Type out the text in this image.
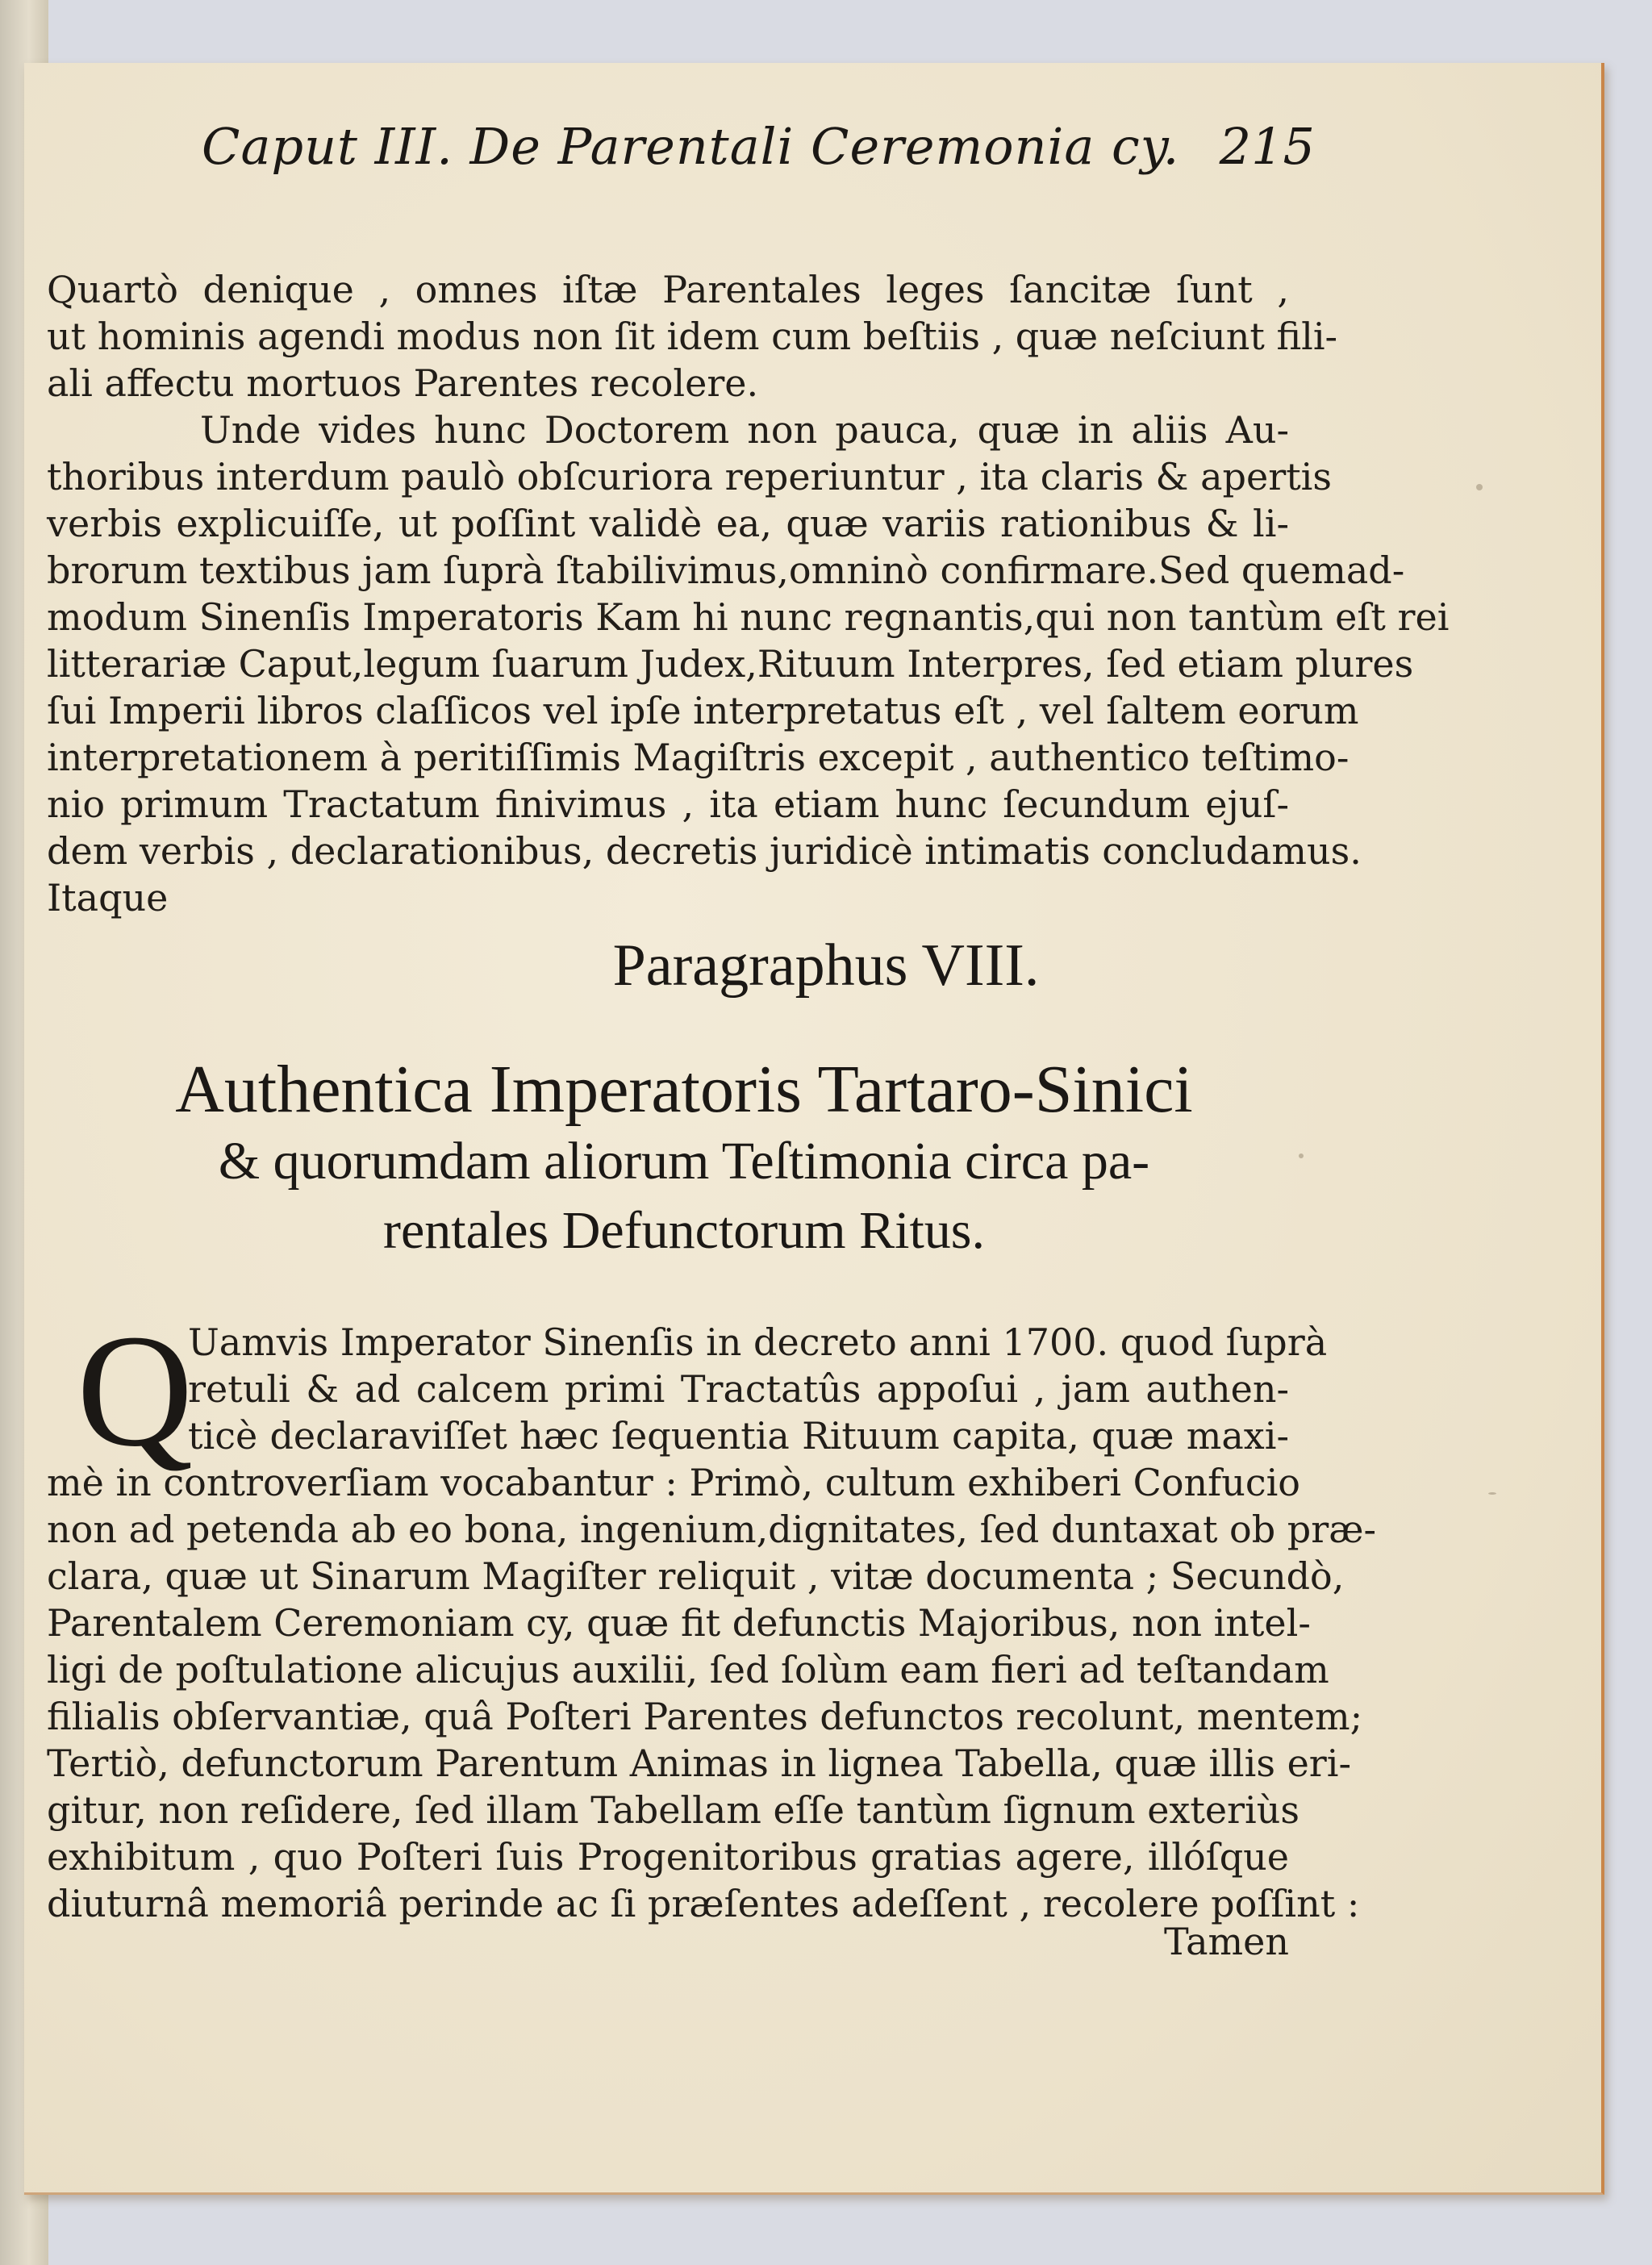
Caput III. De Parentali Ceremonia cy. 215
Quartò denique , omnes iſtæ Parentales leges ſancitæ ſunt ,
ut hominis agendi modus non ſit idem cum beſtiis , quæ neſciunt fili-
ali affectu mortuos Parentes recolere.
Unde vides hunc Doctorem non pauca, quæ in aliis Au-
thoribus interdum paulò obſcuriora reperiuntur , ita claris & apertis
verbis explicuiſſe, ut poſſint validè ea, quæ variis rationibus & li-
brorum textibus jam ſuprà ſtabilivimus,omninò confirmare.Sed quemad-
modum Sinenſis Imperatoris Kam hi nunc regnantis,qui non tantùm eſt rei
litterariæ Caput,legum ſuarum Judex,Rituum Interpres, ſed etiam plures
ſui Imperii libros claſſicos vel ipſe interpretatus eſt , vel ſaltem eorum
interpretationem à peritiſſimis Magiſtris excepit , authentico teſtimo-
nio primum Tractatum finivimus , ita etiam hunc ſecundum ejuſ-
dem verbis , declarationibus, decretis juridicè intimatis concludamus.
Itaque
Paragraphus VIII.
Authentica Imperatoris Tartaro-Sinici
& quorumdam aliorum Teſtimonia circa pa-
rentales Defunctorum Ritus.
Q
Uamvis Imperator Sinenſis in decreto anni 1700. quod ſuprà
retuli & ad calcem primi Tractatûs appoſui , jam authen-
ticè declaraviſſet hæc ſequentia Rituum capita, quæ maxi-
mè in controverſiam vocabantur : Primò, cultum exhiberi Confucio
non ad petenda ab eo bona, ingenium,dignitates, ſed duntaxat ob præ-
clara, quæ ut Sinarum Magiſter reliquit , vitæ documenta ; Secundò,
Parentalem Ceremoniam cy, quæ fit defunctis Majoribus, non intel-
ligi de poſtulatione alicujus auxilii, ſed ſolùm eam fieri ad teſtandam
filialis obſervantiæ, quâ Poſteri Parentes defunctos recolunt, mentem;
Tertiò, defunctorum Parentum Animas in lignea Tabella, quæ illis eri-
gitur, non reſidere, ſed illam Tabellam eſſe tantùm ſignum exteriùs
exhibitum , quo Poſteri ſuis Progenitoribus gratias agere, illóſque
diuturnâ memoriâ perinde ac ſi præſentes adeſſent , recolere poſſint :
Tamen
